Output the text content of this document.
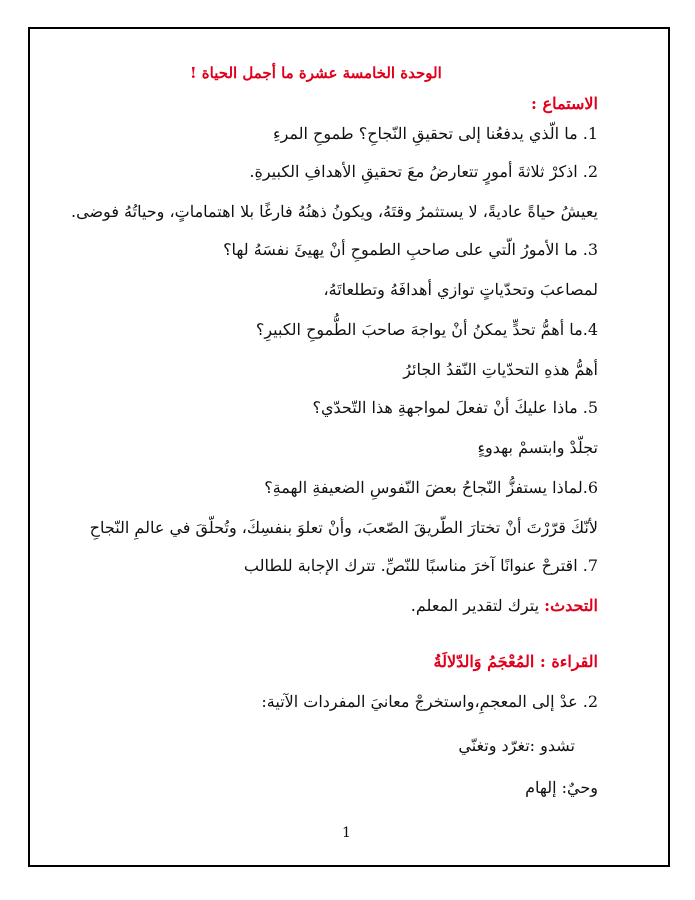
الوحدة الخامسة عشرة ما أجمل الحياة !
الاستماع :
1. ما الّذي يدفعُنا إلى تحقيقِ النّجاحِ؟ طموحِ المرءِ
2. اذكرْ ثلاثةَ أمورٍ تتعارضُ معَ تحقيقِ الأهدافِ الكبيرةِ.
يعيشُ حياةً عاديةً، لا يستثمرُ وقتَهُ، ويكونُ ذهنُهُ فارغًا بلا اهتماماتٍ، وحياتُهُ فوضى.
3. ما الأمورُ الّتي على صاحبِ الطموحِ أنْ يهيئَ نفسَهُ لها؟
لمصاعبَ وتحدّياتٍ توازي أهدافَهُ وتطلعاتَهُ،
4.ما أهمُّ تحدٍّ يمكنُ أنْ يواجهَ صاحبَ الطُّموحِ الكبيرِ؟
أهمُّ هذهِ التحدّياتِ النّقدُ الجائرُ
5. ماذا عليكَ أنْ تفعلَ لمواجهةِ هذا التّحدّي؟
تجلّدْ وابتسمْ بهدوءٍ
6.لماذا يستفزُّ النّجاحُ بعضَ النّفوسِ الضعيفةِ الهمةِ؟
لأنّكَ قرّرْتَ أنْ تختارَ الطّريقَ الصّعبَ، وأنْ تعلوَ بنفسِكَ، وتُحلّقَ في عالمِ النّجاحِ
7. اقترحْ عنوانًا آخرَ مناسبًا للنّصِّ. تترك الإجابة للطالب
التحدث: يترك لتقدير المعلم.
القراءة : المُعْجَمُ وَالدّلالَةُ
2. عدْ إلى المعجمِ،واستخرجْ معانيَ المفردات الآتية:
تشدو :تغرّد وتغنّي
وحيٌ: إلهام
1
